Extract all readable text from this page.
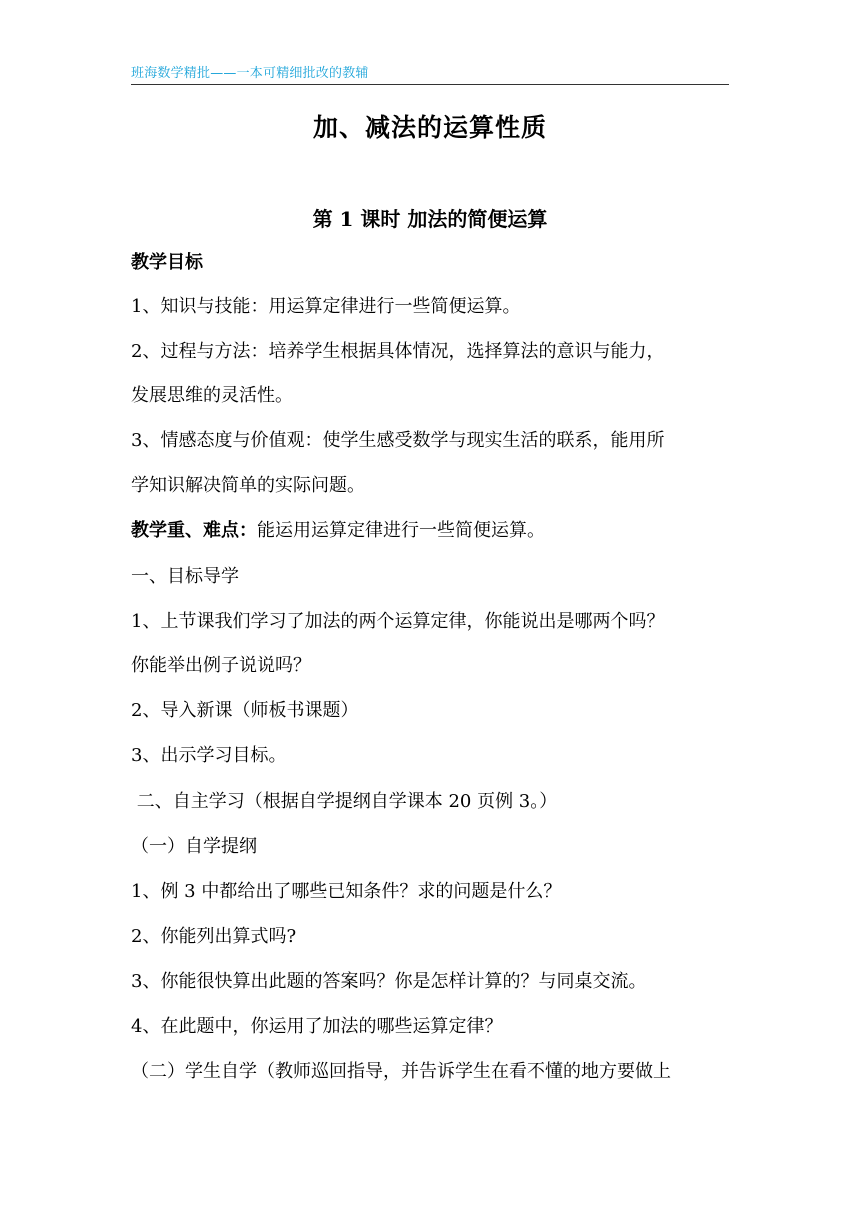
班海数学精批——一本可精细批改的教辅
加、减法的运算性质
第 1 课时 加法的简便运算
教学目标
1、知识与技能：用运算定律进行一些简便运算。
2、过程与方法：培养学生根据具体情况，选择算法的意识与能力，
发展思维的灵活性。
3、情感态度与价值观：使学生感受数学与现实生活的联系，能用所
学知识解决简单的实际问题。
教学重、难点：能运用运算定律进行一些简便运算。
一、目标导学
1、上节课我们学习了加法的两个运算定律，你能说出是哪两个吗？
你能举出例子说说吗？
2、导入新课（师板书课题）
3、出示学习目标。
二、自主学习（根据自学提纲自学课本 20 页例 3。）
（一）自学提纲
1、例 3 中都给出了哪些已知条件？求的问题是什么？
2、你能列出算式吗?
3、你能很快算出此题的答案吗？你是怎样计算的？与同桌交流。
4、在此题中，你运用了加法的哪些运算定律？
（二）学生自学（教师巡回指导，并告诉学生在看不懂的地方要做上
